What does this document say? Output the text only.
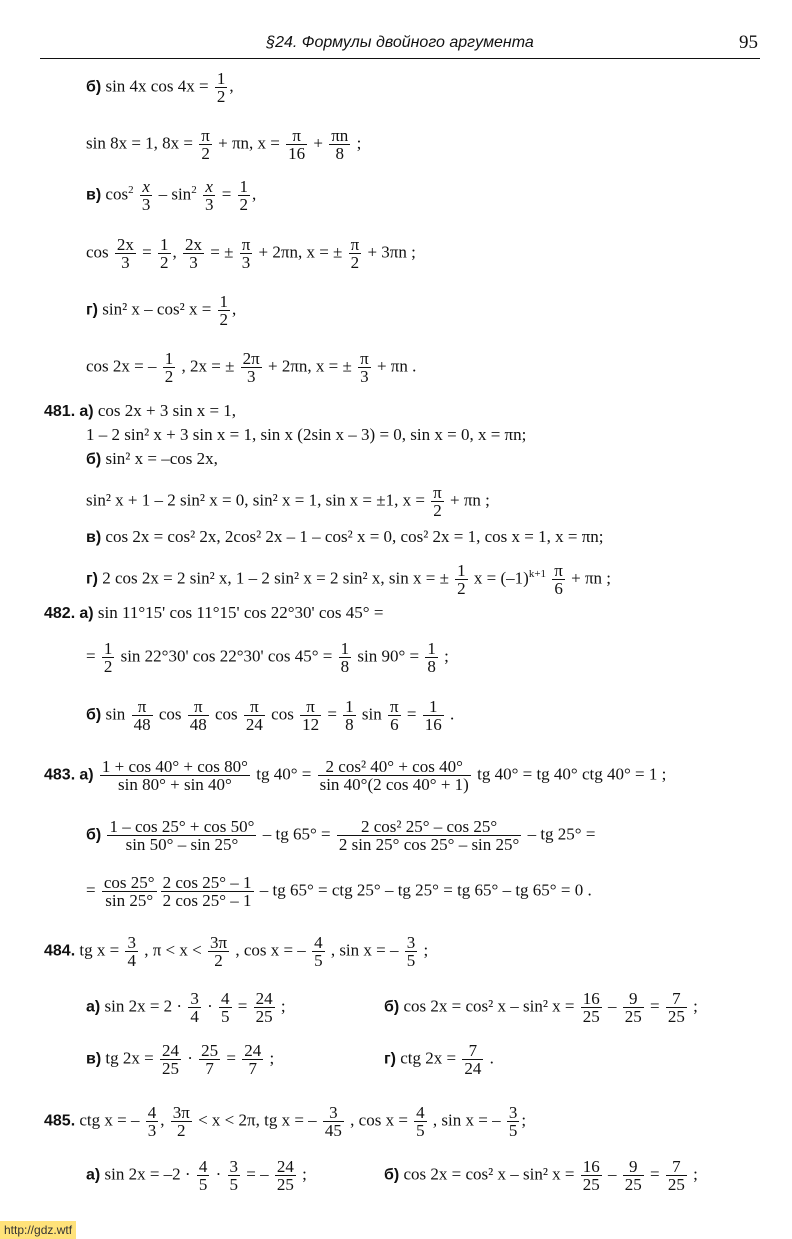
§24. Формулы двойного аргумента	95
б) sin 4x $\cos 4x = \frac{1}{2}$ ,
sin 8x = 1, $8x = \frac{\pi}{2} + \pi n$, $x = \frac{\pi}{16} + \frac{\pi n}{8}$ ;
в) $\cos^2 \frac{x}{3} - \sin^2 \frac{x}{3} = \frac{1}{2}$ ,
$\cos \frac{2x}{3} = \frac{1}{2}$ , $\frac{2x}{3}$ = ± $\frac{\pi}{3} + 2\pi n$, x = ± $\frac{\pi}{2} + 3\pi n$ ;
г) sin² x – cos² $x = \frac{1}{2}$ ,
cos 2x = – $\frac{1}{2}$ , 2x = ± $\frac{2\pi}{3} + 2\pi n$, x = ± $\frac{\pi}{3} + \pi n$ .
481. а) cos 2x + 3 sin x = 1,
1 – 2 sin² x + 3 sin x = 1, sin x (2sin x – 3) = 0, sin x = 0, x = πn;
б) sin² x = –cos 2x,
sin² x + 1 – 2 sin² x = 0, sin² x = 1, sin x = ±1, $x = \frac{\pi}{2} + \pi n$ ;
в) cos 2x = cos² 2x, 2cos² 2x – 1 – cos² x = 0, cos² 2x = 1, cos x = 1, x = πn;
г) 2 cos 2x = 2 sin² x, 1 – 2 sin² x = 2 sin² x, sin x = ± $\frac{1}{2}$ $x = (-1)^{k+1} \frac{\pi}{6} + \pi n$ ;
482. а) sin 11°15' cos 11°15' cos 22°30' cos 45° =
= $\frac{1}{2}$ sin 22°30' cos 22°30' $\cos 45^\circ = \frac{1}{8}$ $\sin 90^\circ = \frac{1}{8}$ ;
б) $\sin \frac{\pi}{48}$ $\cos \frac{\pi}{48}$ $\cos \frac{\pi}{24}$ $\cos \frac{\pi}{12} = \frac{1}{8}$ $\sin \frac{\pi}{6} = \frac{1}{16}$ .
483. $а) \frac{1 + \cos 40^\circ + \cos 80^\circ}{\sin 80^\circ + \sin 40^\circ}$ tg $40^\circ = \frac{\text{2 cos² 40° + cos 40°}}{\sin 40^\circ(2 \cos 40^\circ + 1)}$ tg 40° = tg 40° ctg 40° = 1 ;
$б) \frac{1 - \cos 25^\circ + \cos 50^\circ}{\sin 50^\circ - \sin 25^\circ}$ – tg $65^\circ = \frac{\text{2 cos² 25° – cos 25°}}{2 \sin 25^\circ \cos 25^\circ - \sin 25^\circ}$ – tg 25° =
= $\frac{\cos 25^\circ}{\sin 25^\circ} \frac{2 \cos 25^\circ - 1}{2 \cos 25^\circ - 1}$ – tg 65° = ctg 25° – tg 25° = tg 65° – tg 65° = 0 .
484. tg $x = \frac{3}{4}$ , $\pi < x < \frac{3\pi}{2}$ , cos x = – $\frac{4}{5}$ , sin x = – $\frac{3}{5}$ ;
а) $\sin 2x = 2 \cdot \frac{3}{4} \cdot \frac{4}{5} = \frac{24}{25}$ ;	б) cos 2x = cos² x – sin² $x = \frac{16}{25} - \frac{9}{25} = \frac{7}{25}$ ;
в) tg $2x = \frac{24}{25} \cdot \frac{25}{7} = \frac{24}{7}$ ;	г) ctg $2x = \frac{7}{24}$ .
485. ctg x = – $\frac{4}{3}$ , $\frac{3\pi}{2} < x < 2\pi$, tg x = – $\frac{3}{45}$ , $\cos x = \frac{4}{5}$ , sin x = – $\frac{3}{5}$ ;
а) $\sin 2x = -2 \cdot \frac{4}{5} \cdot \frac{3}{5}$ = – $\frac{24}{25}$ ;	б) cos 2x = cos² x – sin² $x = \frac{16}{25} - \frac{9}{25} = \frac{7}{25}$ ;
http://gdz.wtf
